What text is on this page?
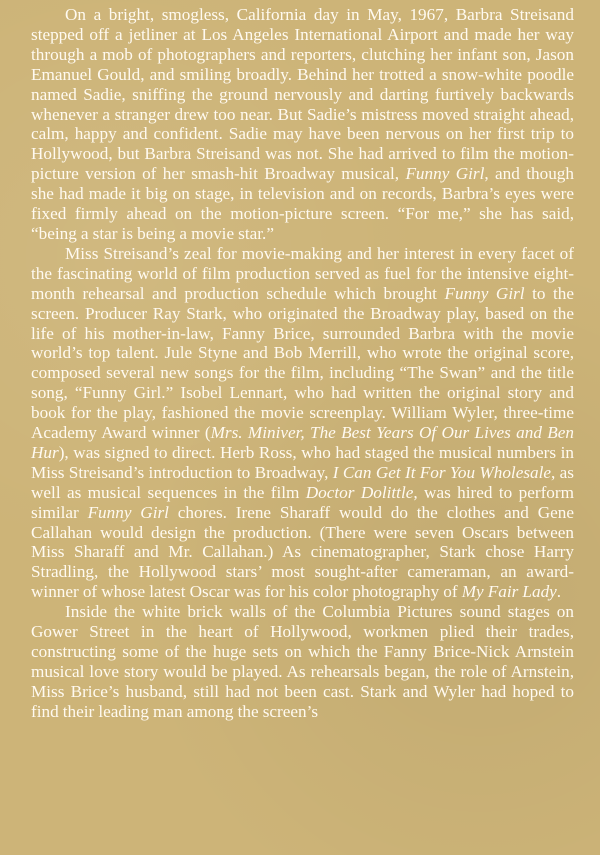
On a bright, smogless, California day in May, 1967, Barbra Streisand stepped off a jetliner at Los Angeles International Airport and made her way through a mob of photographers and reporters, clutching her infant son, Jason Emanuel Gould, and smiling broadly. Behind her trotted a snow-white poodle named Sadie, sniffing the ground nervously and darting furtively backwards whenever a stranger drew too near. But Sadie’s mistress moved straight ahead, calm, happy and confident. Sadie may have been nervous on her first trip to Hollywood, but Barbra Streisand was not. She had arrived to film the motion-picture version of her smash-hit Broadway musical, Funny Girl, and though she had made it big on stage, in television and on records, Barbra’s eyes were fixed firmly ahead on the motion-picture screen. “For me,” she has said, “being a star is being a movie star.”

Miss Streisand’s zeal for movie-making and her interest in every facet of the fascinating world of film production served as fuel for the intensive eight-month rehearsal and production schedule which brought Funny Girl to the screen. Producer Ray Stark, who originated the Broadway play, based on the life of his mother-in-law, Fanny Brice, surrounded Barbra with the movie world’s top talent. Jule Styne and Bob Merrill, who wrote the original score, composed several new songs for the film, including “The Swan” and the title song, “Funny Girl.” Isobel Lennart, who had written the original story and book for the play, fashioned the movie screenplay. William Wyler, three-time Academy Award winner (Mrs. Miniver, The Best Years Of Our Lives and Ben Hur), was signed to direct. Herb Ross, who had staged the musical numbers in Miss Streisand’s introduction to Broadway, I Can Get It For You Wholesale, as well as musical sequences in the film Doctor Dolittle, was hired to perform similar Funny Girl chores. Irene Sharaff would do the clothes and Gene Callahan would design the production. (There were seven Oscars between Miss Sharaff and Mr. Callahan.) As cinematographer, Stark chose Harry Stradling, the Hollywood stars’ most sought-after cameraman, an award-winner of whose latest Oscar was for his color photography of My Fair Lady.

Inside the white brick walls of the Columbia Pictures sound stages on Gower Street in the heart of Hollywood, workmen plied their trades, constructing some of the huge sets on which the Fanny Brice-Nick Arnstein musical love story would be played. As rehearsals began, the role of Arnstein, Miss Brice’s husband, still had not been cast. Stark and Wyler had hoped to find their leading man among the screen’s
